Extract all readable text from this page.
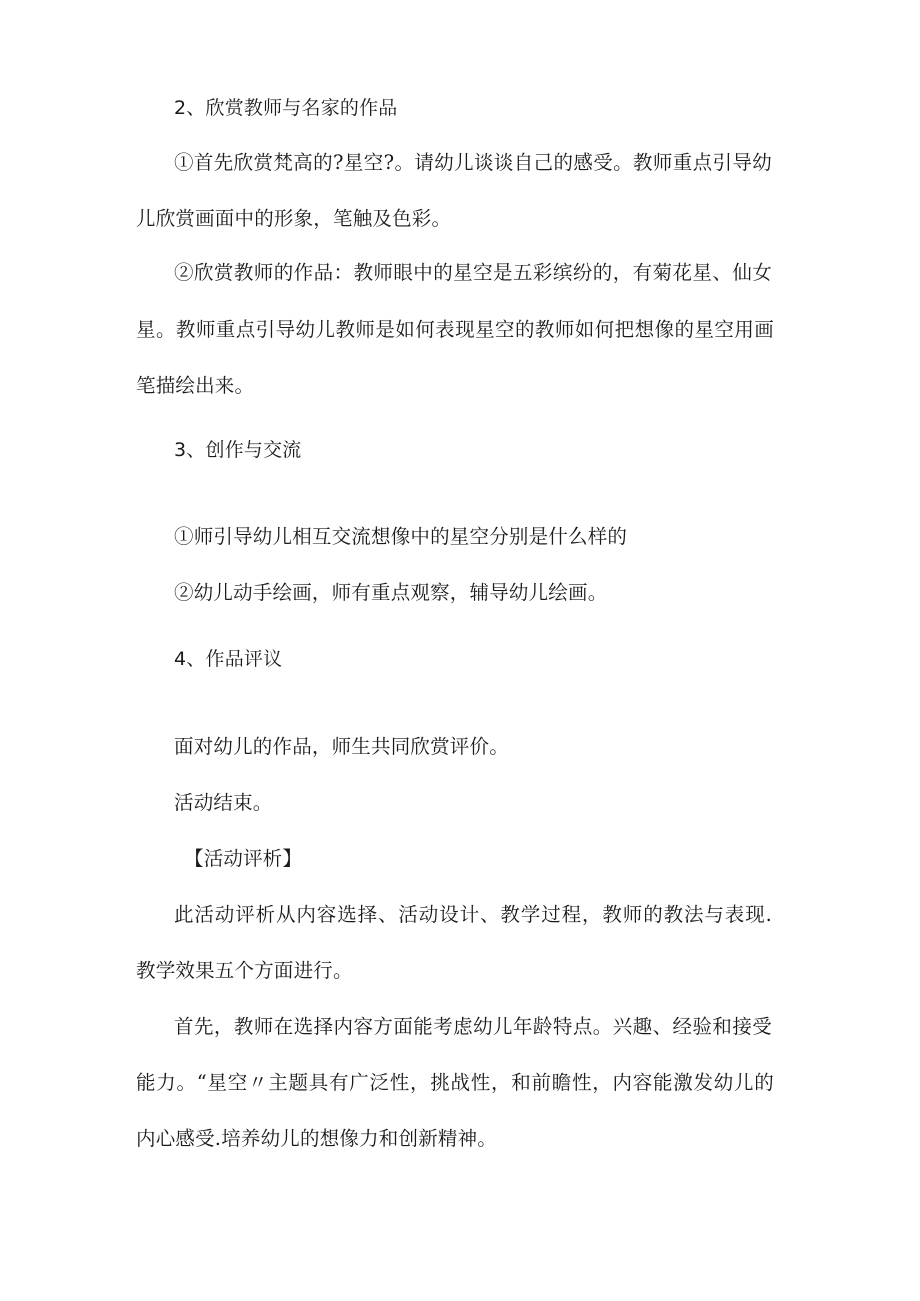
2、欣赏教师与名家的作品
①首先欣赏梵高的?星空?。请幼儿谈谈自己的感受。教师重点引导幼
儿欣赏画面中的形象，笔触及色彩。
②欣赏教师的作品：教师眼中的星空是五彩缤纷的，有菊花星、仙女
星。教师重点引导幼儿教师是如何表现星空的教师如何把想像的星空用画
笔描绘出来。
3、创作与交流
①师引导幼儿相互交流想像中的星空分别是什么样的
②幼儿动手绘画，师有重点观察，辅导幼儿绘画。
4、作品评议
面对幼儿的作品，师生共同欣赏评价。
活动结束。
【活动评析】
此活动评析从内容选择、活动设计、教学过程，教师的教法与表现.
教学效果五个方面进行。
首先，教师在选择内容方面能考虑幼儿年龄特点。兴趣、经验和接受
能力。“星空〃主题具有广泛性，挑战性，和前瞻性，内容能激发幼儿的
内心感受.培养幼儿的想像力和创新精神。
